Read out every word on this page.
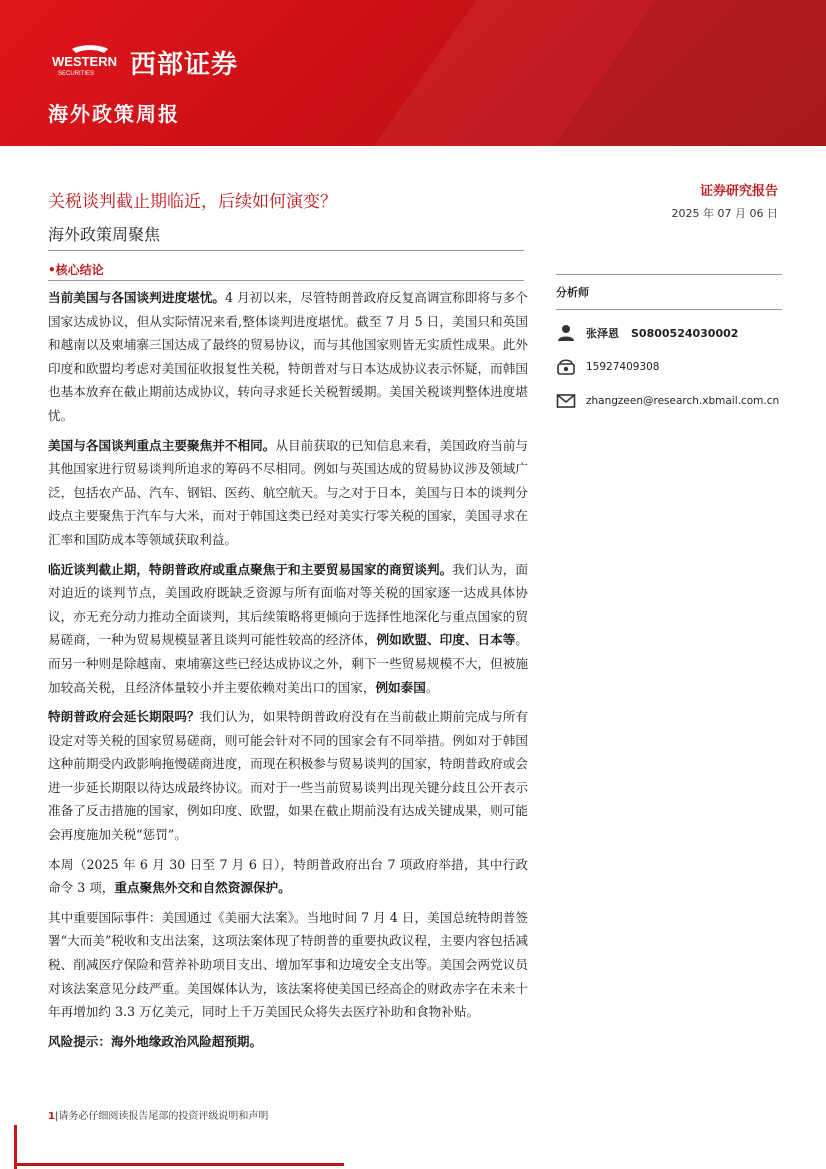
WESTERN
SECURITIES 西部证券
海外政策周报
关税谈判截止期临近，后续如何演变？
海外政策周聚焦
证券研究报告
2025 年 07 月 06 日
•核心结论

当前美国与各国谈判进度堪忧。4 月初以来，尽管特朗普政府反复高调宣称即将与多个国家达成协议，但从实际情况来看,整体谈判进度堪忧。截至 7 月 5 日，美国只和英国和越南以及柬埔寨三国达成了最终的贸易协议，而与其他国家则皆无实质性成果。此外印度和欧盟均考虑对美国征收报复性关税，特朗普对与日本达成协议表示怀疑，而韩国也基本放弃在截止期前达成协议，转向寻求延长关税暂缓期。美国关税谈判整体进度堪忧。

美国与各国谈判重点主要聚焦并不相同。从目前获取的已知信息来看，美国政府当前与其他国家进行贸易谈判所追求的筹码不尽相同。例如与英国达成的贸易协议涉及领域广泛，包括农产品、汽车、钢铝、医药、航空航天。与之对于日本，美国与日本的谈判分歧点主要聚焦于汽车与大米，而对于韩国这类已经对美实行零关税的国家，美国寻求在汇率和国防成本等领域获取利益。

临近谈判截止期，特朗普政府或重点聚焦于和主要贸易国家的商贸谈判。我们认为，面对迫近的谈判节点，美国政府既缺乏资源与所有面临对等关税的国家逐一达成具体协议，亦无充分动力推动全面谈判，其后续策略将更倾向于选择性地深化与重点国家的贸易磋商，一种为贸易规模显著且谈判可能性较高的经济体，例如欧盟、印度、日本等。而另一种则是除越南、柬埔寨这些已经达成协议之外，剩下一些贸易规模不大，但被施加较高关税，且经济体量较小并主要依赖对美出口的国家，例如泰国。

特朗普政府会延长期限吗？我们认为，如果特朗普政府没有在当前截止期前完成与所有设定对等关税的国家贸易磋商，则可能会针对不同的国家会有不同举措。例如对于韩国这种前期受内政影响拖慢磋商进度，而现在积极参与贸易谈判的国家，特朗普政府或会进一步延长期限以待达成最终协议。而对于一些当前贸易谈判出现关键分歧且公开表示准备了反击措施的国家，例如印度、欧盟，如果在截止期前没有达成关键成果，则可能会再度施加关税“惩罚”。

本周（2025 年 6 月 30 日至 7 月 6 日），特朗普政府出台 7 项政府举措，其中行政命令 3 项，重点聚焦外交和自然资源保护。

其中重要国际事件：美国通过《美丽大法案》。当地时间 7 月 4 日，美国总统特朗普签署“大而美”税收和支出法案，这项法案体现了特朗普的重要执政议程，主要内容包括减税、削减医疗保险和营养补助项目支出、增加军事和边境安全支出等。美国会两党议员对该法案意见分歧严重。美国媒体认为，该法案将使美国已经高企的财政赤字在未来十年再增加约 3.3 万亿美元，同时上千万美国民众将失去医疗补助和食物补贴。

风险提示：海外地缘政治风险超预期。

分析师
张泽恩 S0800524030002
15927409308
zhangzeen@research.xbmail.com.cn
1|请务必仔细阅读报告尾部的投资评级说明和声明
